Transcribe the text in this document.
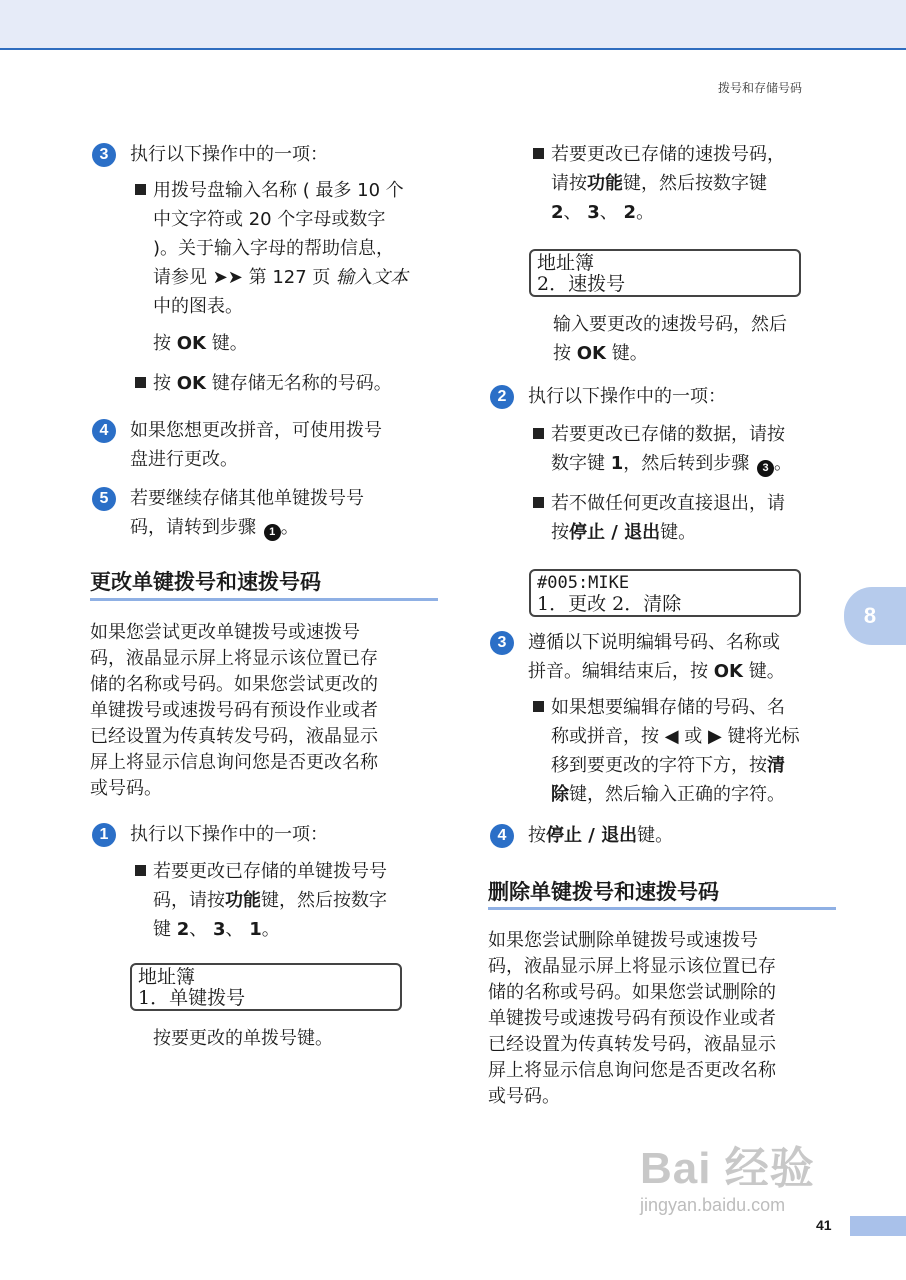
拨号和存储号码
3	执行以下操作中的一项：
用拨号盘输入名称 ( 最多 10 个
中文字符或 20 个字母或数字
)。关于输入字母的帮助信息，
请参见 ➤➤ 第 127 页 输入文本
中的图表。
按 OK 键。
按 OK 键存储无名称的号码。
4	如果您想更改拼音，可使用拨号
盘进行更改。
5	若要继续存储其他单键拨号号
码，请转到步骤 1 。
更改单键拨号和速拨号码
如果您尝试更改单键拨号或速拨号
码，液晶显示屏上将显示该位置已存
储的名称或号码。如果您尝试更改的
单键拨号或速拨号码有预设作业或者
已经设置为传真转发号码，液晶显示
屏上将显示信息询问您是否更改名称
或号码。
1	执行以下操作中的一项：
若要更改已存储的单键拨号号
码，请按功能键，然后按数字
键 2、 3、 1。
地址簿
1．单键拨号
按要更改的单拨号键。
若要更改已存储的速拨号码，
请按功能键，然后按数字键
2、 3、 2。
地址簿
2．速拨号
输入要更改的速拨号码，然后
按 OK 键。
2	执行以下操作中的一项：
若要更改已存储的数据，请按
数字键 1，然后转到步骤 3 。
若不做任何更改直接退出，请
按停止 / 退出键。
#005:MIKE
1．更改 2．清除
3	遵循以下说明编辑号码、名称或
拼音。编辑结束后，按 OK 键。
如果想要编辑存储的号码、名
称或拼音，按 ◀ 或 ▶ 键将光标
移到要更改的字符下方，按清
除键，然后输入正确的字符。
4	按停止 / 退出键。
删除单键拨号和速拨号码
如果您尝试删除单键拨号或速拨号
码，液晶显示屏上将显示该位置已存
储的名称或号码。如果您尝试删除的
单键拨号或速拨号码有预设作业或者
已经设置为传真转发号码，液晶显示
屏上将显示信息询问您是否更改名称
或号码。
8
Bai 经验
jingyan.baidu.com
41
